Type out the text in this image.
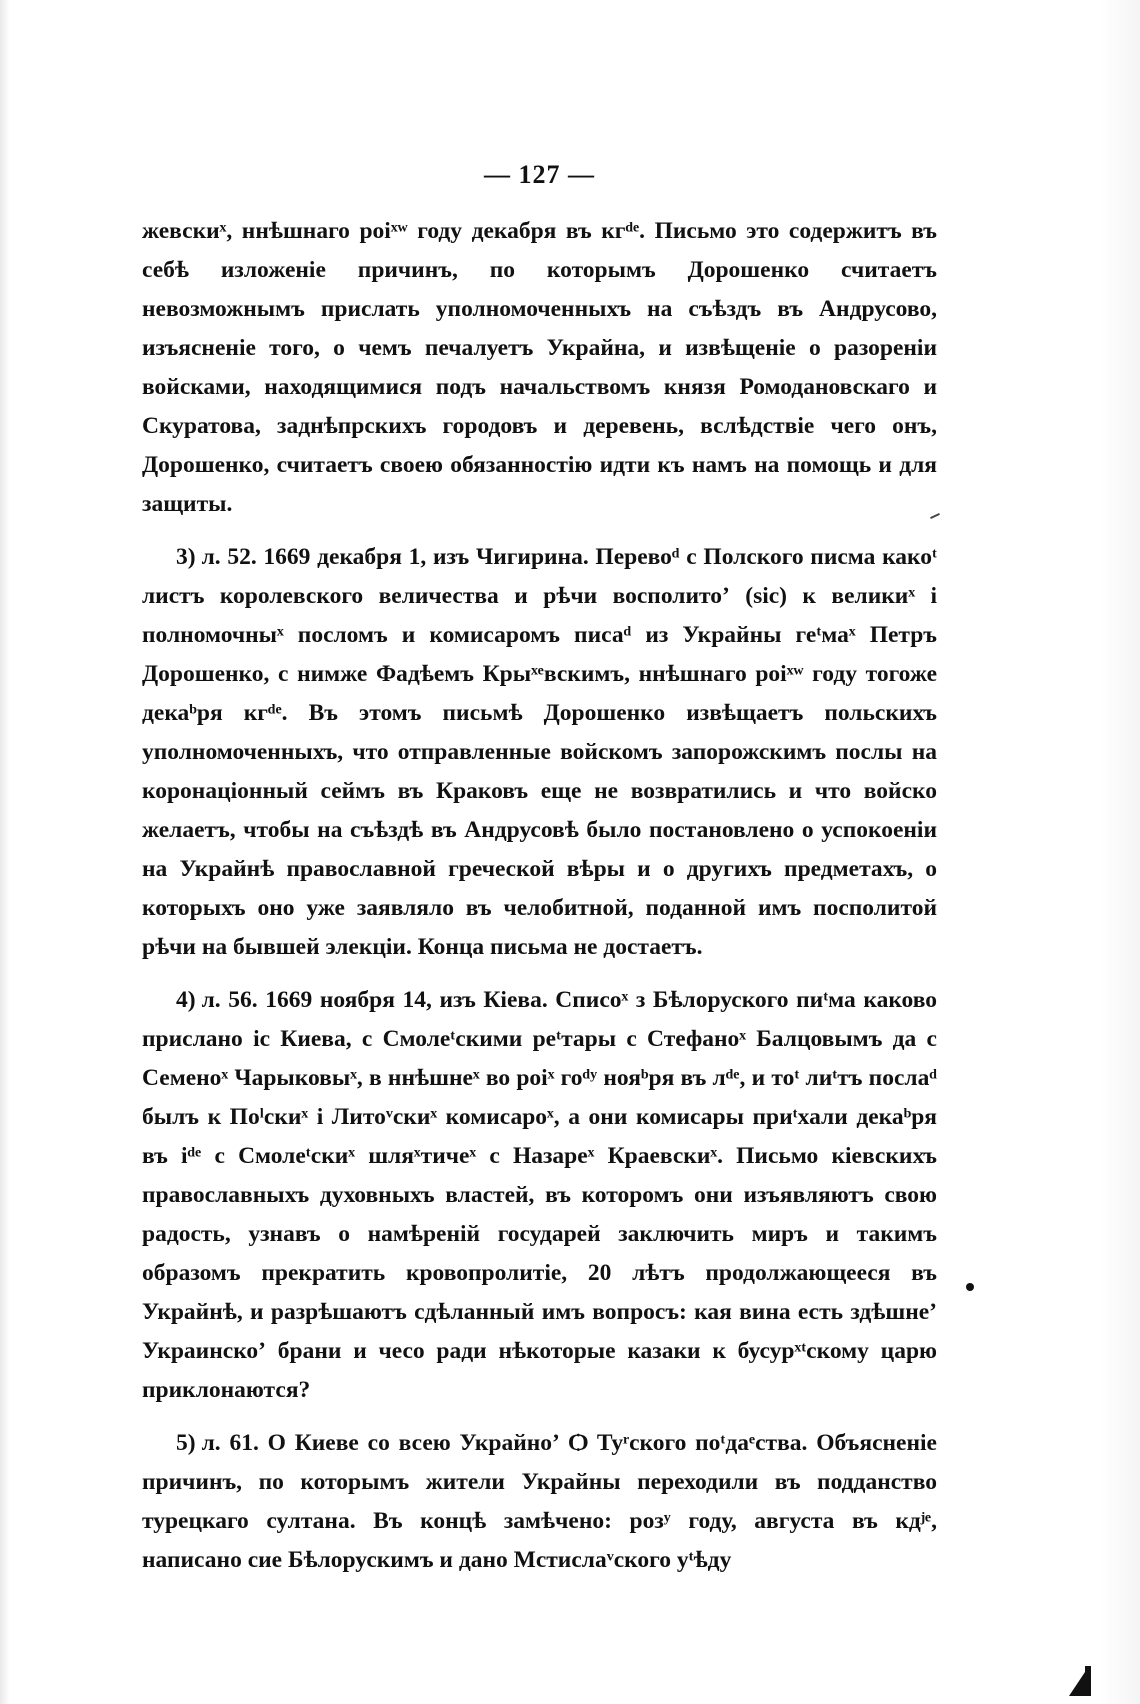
— 127 —

жевскиˣ, ннѣшнаго роiˣʷ году декабря въ кгᵈᵉ. Письмо это содержитъ въ себѣ изложенiе причинъ, по которымъ Дорошенко считаетъ невозможнымъ прислать уполномоченныхъ на съѣздъ въ Андрусово, изъясненiе того, о чемъ печалуетъ Украйна, и извѣщенiе о разоренiи войсками, находящимися подъ начальствомъ князя Ромодановскаго и Скуратова, заднѣпрскихъ городовъ и деревень, вслѣдствiе чего онъ, Дорошенко, считаетъ своею обязанностiю идти къ намъ на помощь и для защиты.

3) л. 52. 1669 декабря 1, изъ Чигирина. Перевоᵈ с Полского писма какоᵗ листъ королевского величества и рѣчи восполитоʼ (sic) к великиˣ i полномочныˣ посломъ и комисаромъ писаᵈ из Украйны геᵗмаˣ Петръ Дорошенко, с нимже Фадѣемъ Крыˣᵉвскимъ, ннѣшнаго роiˣʷ году тогоже декаᵇря кгᵈᵉ. Въ этомъ письмѣ Дорошенко извѣщаетъ польскихъ уполномоченныхъ, что отправленные войскомъ запорожскимъ послы на коронацiонный сеймъ въ Краковъ еще не возвратились и что войско желаетъ, чтобы на съѣздѣ въ Андрусовѣ было постановлено о успокоенiи на Украйнѣ православной греческой вѣры и о другихъ предметахъ, о которыхъ оно уже заявляло въ челобитной, поданной имъ посполитой рѣчи на бывшей элекцiи. Конца письма не достаетъ.

4) л. 56. 1669 ноября 14, изъ Кiева. Списоˣ з Бѣлоруского пиᵗма каково прислано iс Киева, с Смолеᵗскими реᵗтары с Стефаноˣ Балцовымъ да с Семеноˣ Чарыковыˣ, в ннѣшнеˣ во роiˣ гоᵈʸ нояᵇря въ лᵈᵉ, и тоᵗ лиᵗтъ послаᵈ былъ к Поˡскиˣ i Литоᵛскиˣ комисароˣ, а они комисары приᵗхали декаᵇря въ iᵈᵉ с Смолеᵗскиˣ шляˣтичеˣ с Назареˣ Краевскиˣ. Письмо кiевскихъ православныхъ духовныхъ властей, въ которомъ они изъявляютъ свою радость, узнавъ о намѣренiй государей заключить миръ и такимъ образомъ прекратить кровопролитiе, 20 лѣтъ продолжающееся въ Украйнѣ, и разрѣшаютъ сдѣланный имъ вопросъ: кая вина есть здѣшнеʼ Украинскоʼ брани и чесо ради нѣкоторые казаки к бусурˣᵗскому царю приклонаются?

5) л. 61. О Киеве со всею Украйноʼ Ѻ Туʳского поᵗдаᵉства. Объясненiе причинъ, по которымъ жители Украйны переходили въ подданство турецкаго султана. Въ концѣ замѣчено: розʸ году, августа въ кдʲᵉ, написано сие Бѣлорускимъ и дано Мстислаᵛского уᵗѣду
